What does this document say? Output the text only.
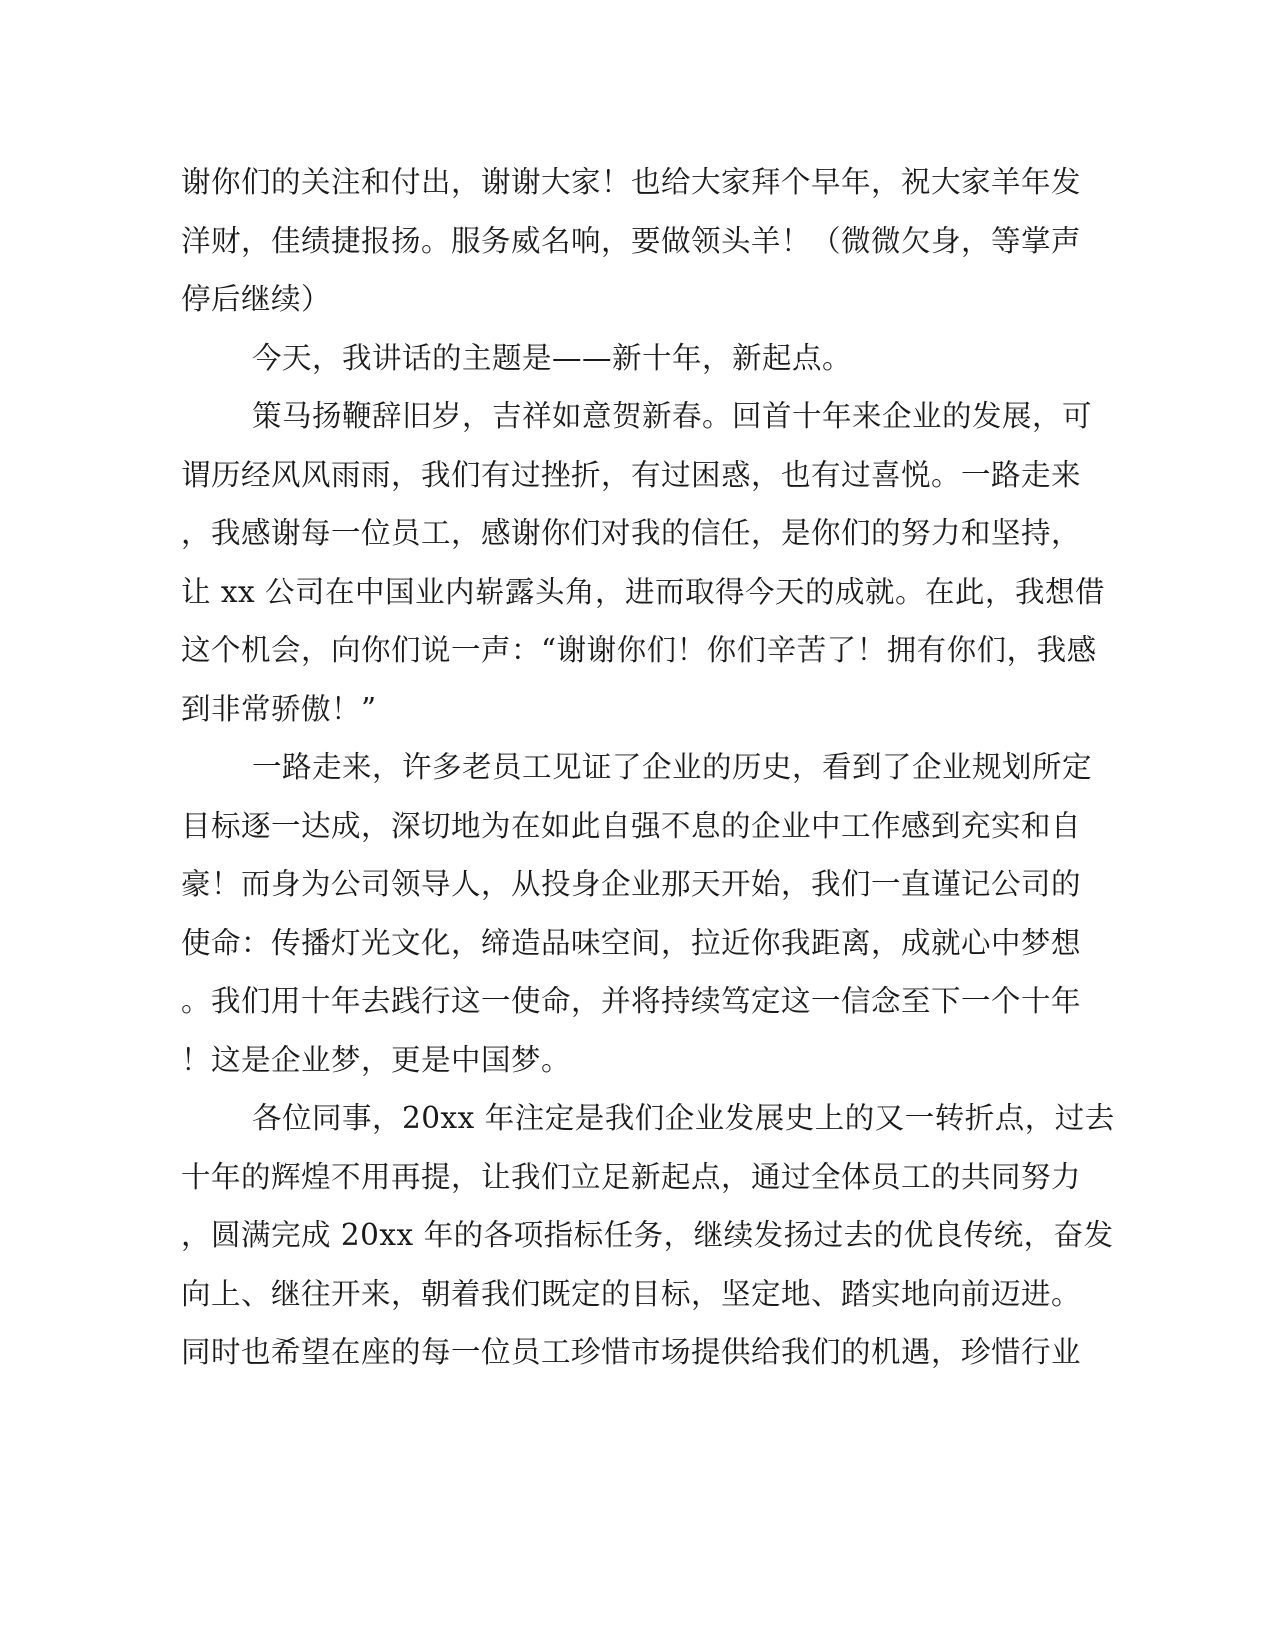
谢你们的关注和付出，谢谢大家！也给大家拜个早年，祝大家羊年发
洋财，佳绩捷报扬。服务威名响，要做领头羊！（微微欠身，等掌声
停后继续）
今天，我讲话的主题是——新十年，新起点。
策马扬鞭辞旧岁，吉祥如意贺新春。回首十年来企业的发展，可
谓历经风风雨雨，我们有过挫折，有过困惑，也有过喜悦。一路走来
，我感谢每一位员工，感谢你们对我的信任，是你们的努力和坚持，
让 xx 公司在中国业内崭露头角，进而取得今天的成就。在此，我想借
这个机会，向你们说一声：“谢谢你们！你们辛苦了！拥有你们，我感
到非常骄傲！”
一路走来，许多老员工见证了企业的历史，看到了企业规划所定
目标逐一达成，深切地为在如此自强不息的企业中工作感到充实和自
豪！而身为公司领导人，从投身企业那天开始，我们一直谨记公司的
使命：传播灯光文化，缔造品味空间，拉近你我距离，成就心中梦想
。我们用十年去践行这一使命，并将持续笃定这一信念至下一个十年
！这是企业梦，更是中国梦。
各位同事，20xx 年注定是我们企业发展史上的又一转折点，过去
十年的辉煌不用再提，让我们立足新起点，通过全体员工的共同努力
，圆满完成 20xx 年的各项指标任务，继续发扬过去的优良传统，奋发
向上、继往开来，朝着我们既定的目标，坚定地、踏实地向前迈进。
同时也希望在座的每一位员工珍惜市场提供给我们的机遇，珍惜行业
